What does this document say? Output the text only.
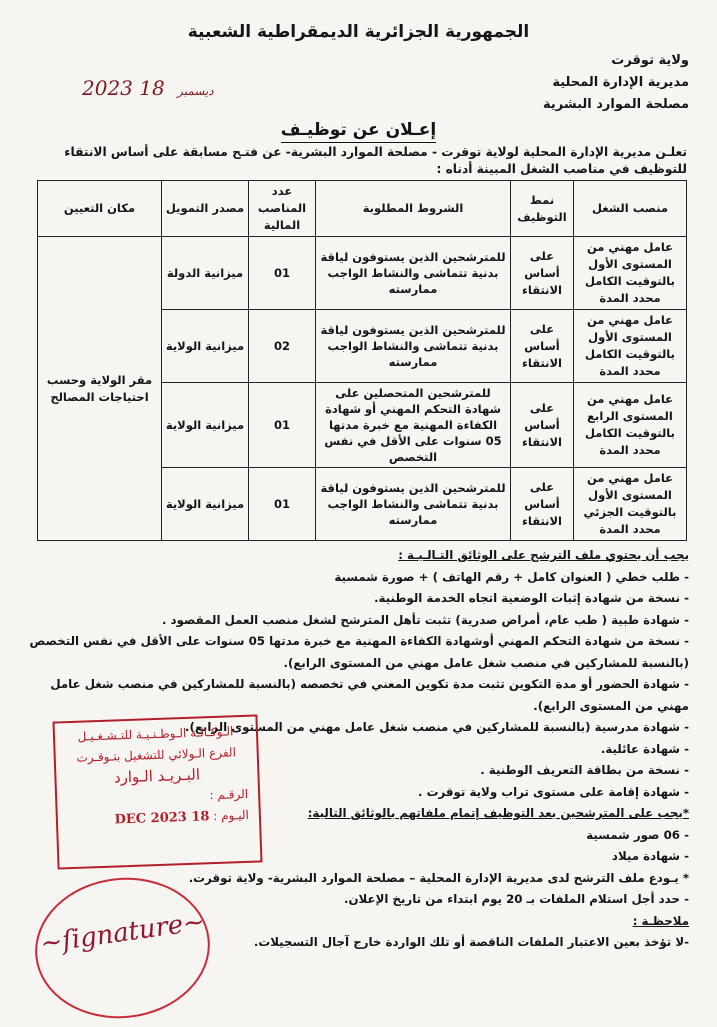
الجمهورية الجزائرية الديمقراطية الشعبية
ولاية توقرت
مديرية الإدارة المحلية
مصلحة الموارد البشرية
2023	ديسمبر 18
إعـلان عن توظيـف

تعلـن مديرية الإدارة المحلية لولاية توقرت - مصلحة الموارد البشرية- عن فتـح مسابقة على أساس الانتقاء

للتوظيف في مناصب الشغل المبينة أدناه :

منصب الشغل	نمط التوظيف	الشروط المطلوبة	عدد المناصب المالية	مصدر التمويل	مكان التعيين
عامل مهني من المستوى الأول بالتوقيت الكامل محدد المدة	على أساس الانتقاء	للمترشحين الذين يستوفون لياقة بدنية تتماشى والنشاط الواجب ممارسته	01	ميزانية الدولة	مقر الولاية وحسب احتياجات المصالح
عامل مهني من المستوى الأول بالتوقيت الكامل محدد المدة	على أساس الانتقاء	للمترشحين الذين يستوفون لياقة بدنية تتماشى والنشاط الواجب ممارسته	02	ميزانية الولاية	
عامل مهني من المستوى الرابع بالتوقيت الكامل محدد المدة	على أساس الانتقاء	للمترشحين المتحصلين على شهادة التحكم المهني أو شهادة الكفاءة المهنية مع خبرة مدتها 05 سنوات على الأقل في نفس التخصص	01	ميزانية الولاية	
عامل مهني من المستوى الأول بالتوقيت الجزئي محدد المدة	على أساس الانتقاء	للمترشحين الذين يستوفون لياقة بدنية تتماشى والنشاط الواجب ممارسته	01	ميزانية الولاية	
يجب أن يحتوي ملف الترشح على الوثائق التـالـيـة :
- طلب خطي ( العنوان كامل + رقم الهاتف ) + صورة شمسية
- نسخة من شهادة إثبات الوضعية اتجاه الخدمة الوطنية.
- شهادة طبية ( طب عام، أمراض صدرية) تثبت تأهل المترشح لشغل منصب العمل المقصود .
- نسخة من شهادة التحكم المهني أوشهادة الكفاءة المهنية مع خبرة مدتها 05 سنوات على الأقل في نفس التخصص (بالنسبة للمشاركين في منصب شغل عامل مهني من المستوى الرابع).
- شهادة الحضور أو مدة التكوين تثبت مدة تكوين المعني في تخصصه (بالنسبة للمشاركين في منصب شغل عامل مهني من المستوى الرابع).
- شهادة مدرسية (بالنسبة للمشاركين في منصب شغل عامل مهني من المستوى الرابع).
- شهادة عائلية.
- نسخة من بطاقة التعريف الوطنية .
- شهادة إقامة على مستوى تراب ولاية توقرت .
*يجب على المترشحين بعد التوظيف إتمام ملفاتهم بالوثائق التالية:
- 06 صور شمسية
- شهادة ميلاد
* يـودع ملف الترشح لدى مديرية الإدارة المحلية – مصلحة الموارد البشرية- ولاية توقرت.
- حدد أجل استلام الملفات بـ 20 يوم ابتداء من تاريخ الإعلان.
ملاحظـة :
-لا تؤخذ بعين الاعتبار الملفات الناقصة أو تلك الواردة خارج آجال التسجيلات.
الـوكـالـة الـوطـنـيـة للتـشـغـيـل
الفرع الـولائي للتشغيل بتـوقـرت
البـريـد الـوارد
الرقـم :
اليـوم : 18 DEC 2023
~ſignature~
